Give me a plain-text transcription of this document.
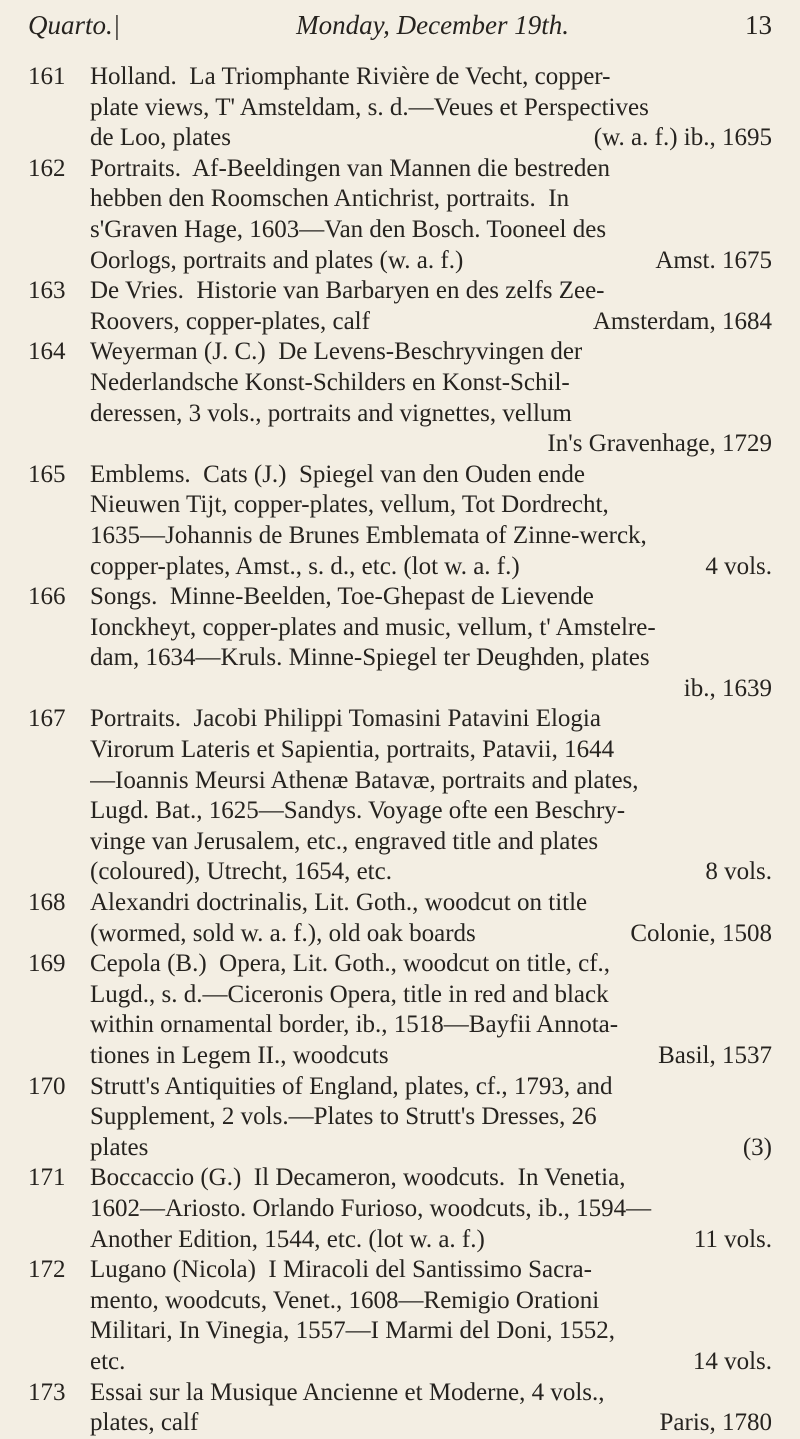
Quarto.|	Monday, December 19th.	13
161 Holland.  La Triomphante Rivière de Vecht, copper-
plate views, T' Amsteldam, s. d.—Veues et Perspectives
de Loo, plates	(w. a. f.) ib., 1695
162 Portraits.  Af-Beeldingen van Mannen die bestreden
hebben den Roomschen Antichrist, portraits.  In
s'Graven Hage, 1603—Van den Bosch. Tooneel des
Oorlogs, portraits and plates (w. a. f.)	Amst. 1675
163 De Vries.  Historie van Barbaryen en des zelfs Zee-
Roovers, copper-plates, calf	Amsterdam, 1684
164 Weyerman (J. C.)  De Levens-Beschryvingen der
Nederlandsche Konst-Schilders en Konst-Schil-
deressen, 3 vols., portraits and vignettes, vellum
In's Gravenhage, 1729
165 Emblems.  Cats (J.)  Spiegel van den Ouden ende
Nieuwen Tijt, copper-plates, vellum, Tot Dordrecht,
1635—Johannis de Brunes Emblemata of Zinne-werck,
copper-plates, Amst., s. d., etc. (lot w. a. f.)	4 vols.
166 Songs.  Minne-Beelden, Toe-Ghepast de Lievende
Ionckheyt, copper-plates and music, vellum, t' Amstelre-
dam, 1634—Kruls. Minne-Spiegel ter Deughden, plates
ib., 1639
167 Portraits.  Jacobi Philippi Tomasini Patavini Elogia
Virorum Lateris et Sapientia, portraits, Patavii, 1644
—Ioannis Meursi Athenæ Batavæ, portraits and plates,
Lugd. Bat., 1625—Sandys. Voyage ofte een Beschry-
vinge van Jerusalem, etc., engraved title and plates
(coloured), Utrecht, 1654, etc.	8 vols.
168 Alexandri doctrinalis, Lit. Goth., woodcut on title
(wormed, sold w. a. f.), old oak boards	Colonie, 1508
169 Cepola (B.)  Opera, Lit. Goth., woodcut on title, cf.,
Lugd., s. d.—Ciceronis Opera, title in red and black
within ornamental border, ib., 1518—Bayfii Annota-
tiones in Legem II., woodcuts	Basil, 1537
170 Strutt's Antiquities of England, plates, cf., 1793, and
Supplement, 2 vols.—Plates to Strutt's Dresses, 26
plates	(3)
171 Boccaccio (G.)  Il Decameron, woodcuts.  In Venetia,
1602—Ariosto. Orlando Furioso, woodcuts, ib., 1594—
Another Edition, 1544, etc. (lot w. a. f.)	11 vols.
172 Lugano (Nicola)  I Miracoli del Santissimo Sacra-
mento, woodcuts, Venet., 1608—Remigio Orationi
Militari, In Vinegia, 1557—I Marmi del Doni, 1552,
etc.	14 vols.
173 Essai sur la Musique Ancienne et Moderne, 4 vols.,
plates, calf	Paris, 1780
